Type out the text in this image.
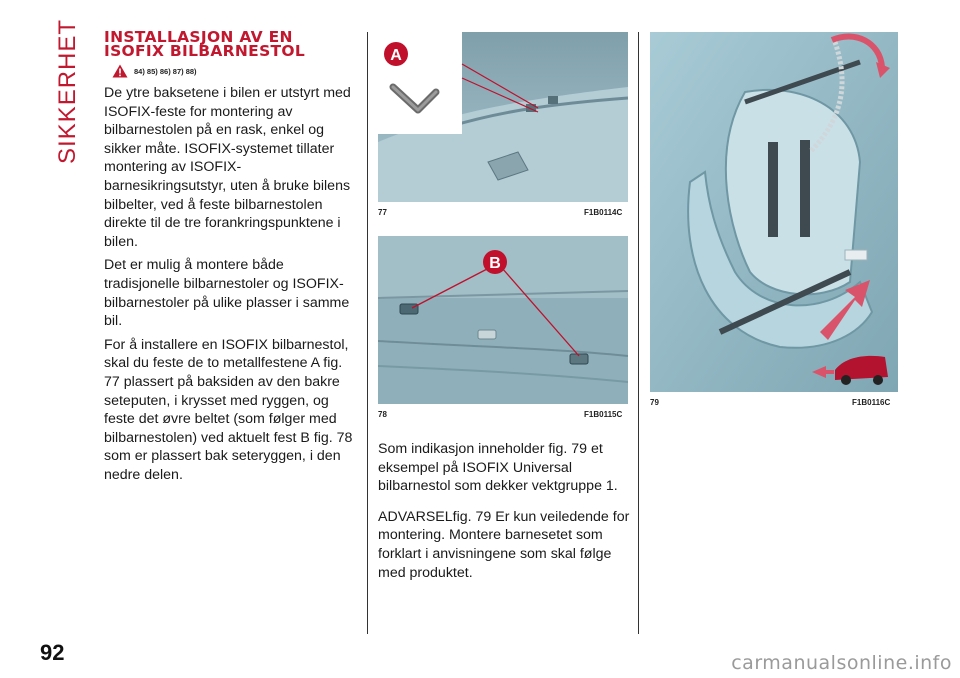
SIKKERHET
92
INSTALLASJON AV EN
ISOFIX BILBARNESTOL
84) 85) 86) 87) 88)

De ytre baksetene i bilen er utstyrt med ISOFIX-feste for montering av bilbarnestolen på en rask, enkel og sikker måte. ISOFIX-systemet tillater montering av ISOFIX-barnesikringsutstyr, uten å bruke bilens bilbelter, ved å feste bilbarnestolen direkte til de tre forankringspunktene i bilen.

Det er mulig å montere både tradisjonelle bilbarnestoler og ISOFIX-bilbarnestoler på ulike plasser i samme bil.

For å installere en ISOFIX bilbarnestol, skal du feste de to metallfestene A fig. 77 plassert på baksiden av den bakre seteputen, i krysset med ryggen, og feste det øvre beltet (som følger med bilbarnestolen) ved aktuelt fest B fig. 78 som er plassert bak seteryggen, i den nedre delen.

A
77	F1B0114C
B
78	F1B0115C

Som indikasjon inneholder fig. 79 et eksempel på ISOFIX Universal bilbarnestol som dekker vektgruppe 1.

ADVARSELfig. 79 Er kun veiledende for montering. Montere barnesetet som forklart i anvisningene som skal følge med produktet.

79	F1B0116C
carmanualsonline.info
